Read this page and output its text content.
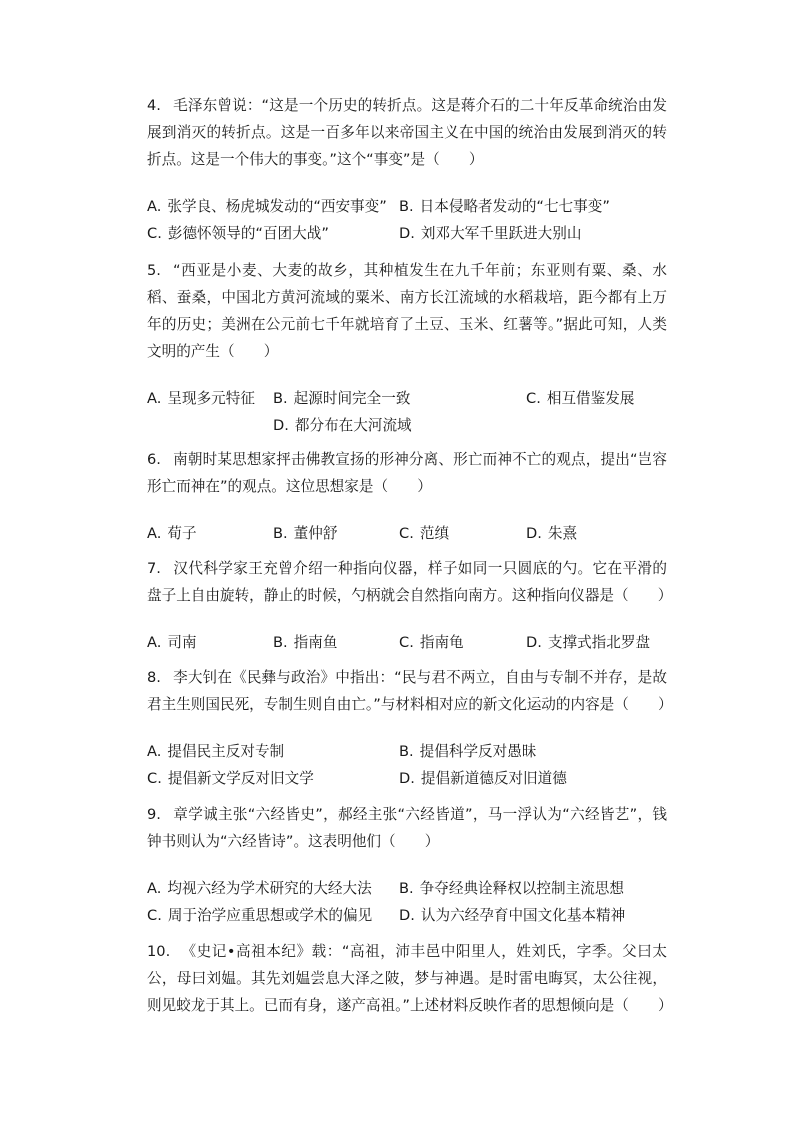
4. 毛泽东曾说：“这是一个历史的转折点。这是蒋介石的二十年反革命统治由发展到消灭的转折点。这是一百多年以来帝国主义在中国的统治由发展到消灭的转折点。这是一个伟大的事变。”这个“事变”是（　　）

A. 张学良、杨虎城发动的“西安事变” B. 日本侵略者发动的“七七事变”
C. 彭德怀领导的“百团大战”	D. 刘邓大军千里跃进大别山

5. “西亚是小麦、大麦的故乡，其种植发生在九千年前；东亚则有粟、桑、水稻、蚕桑，中国北方黄河流域的粟米、南方长江流域的水稻栽培，距今都有上万年的历史；美洲在公元前七千年就培育了土豆、玉米、红薯等。”据此可知，人类文明的产生（　　）

A. 呈现多元特征 B. 起源时间完全一致	C. 相互借鉴发展
D. 都分布在大河流域

6. 南朝时某思想家抨击佛教宣扬的形神分离、形亡而神不亡的观点，提出“岂容形亡而神在”的观点。这位思想家是（　　）

A. 荀子	B. 董仲舒	C. 范缜	D. 朱熹

7. 汉代科学家王充曾介绍一种指向仪器，样子如同一只圆底的勺。它在平滑的盘子上自由旋转，静止的时候，勺柄就会自然指向南方。这种指向仪器是（　　）

A. 司南	B. 指南鱼	C. 指南龟	D. 支撑式指北罗盘

8. 李大钊在《民彝与政治》中指出：“民与君不两立，自由与专制不并存，是故君主生则国民死，专制生则自由亡。”与材料相对应的新文化运动的内容是（　　）

A. 提倡民主反对专制	B. 提倡科学反对愚昧
C. 提倡新文学反对旧文学	D. 提倡新道德反对旧道德

9. 章学诚主张“六经皆史”，郝经主张“六经皆道”，马一浮认为“六经皆艺”，钱钟书则认为“六经皆诗”。这表明他们（　　）

A. 均视六经为学术研究的大经大法 B. 争夺经典诠释权以控制主流思想
C. 周于治学应重思想或学术的偏见 D. 认为六经孕育中国文化基本精神

10. 《史记•高祖本纪》载：“高祖，沛丰邑中阳里人，姓刘氏，字季。父曰太公，母曰刘媪。其先刘媪尝息大泽之陂，梦与神遇。是时雷电晦冥，太公往视，则见蛟龙于其上。已而有身，遂产高祖。”上述材料反映作者的思想倾向是（　　）
